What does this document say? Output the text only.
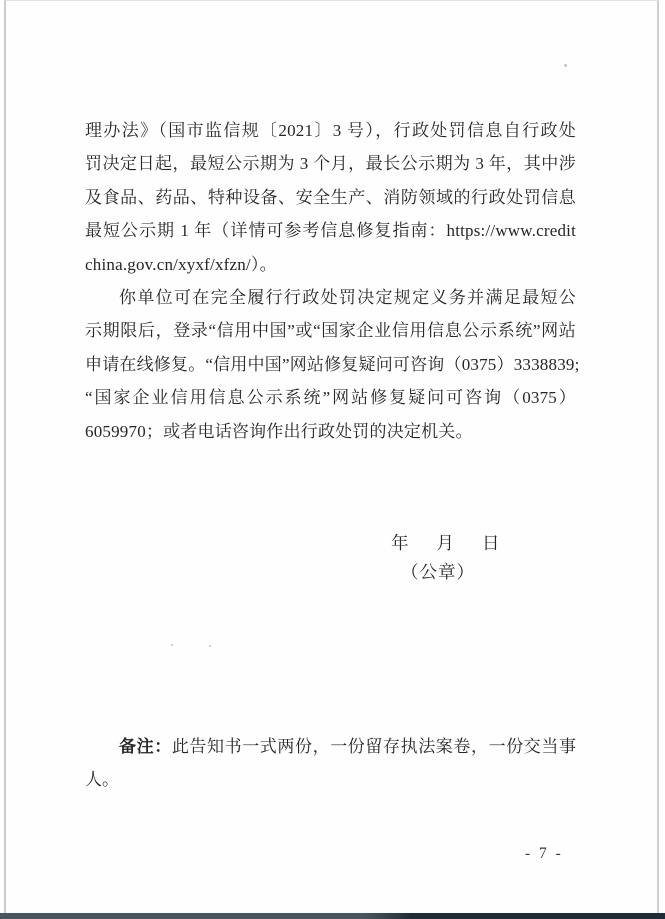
理办法》（国市监信规〔2021〕3 号），行政处罚信息自行政处
罚决定日起，最短公示期为 3 个月，最长公示期为 3 年，其中涉
及食品、药品、特种设备、安全生产、消防领域的行政处罚信息
最短公示期 1 年（详情可参考信息修复指南：https://www.credit
china.gov.cn/xyxf/xfzn/）。
你单位可在完全履行行政处罚决定规定义务并满足最短公
示期限后，登录“信用中国”或“国家企业信用信息公示系统”网站
申请在线修复。“信用中国”网站修复疑问可咨询（0375）3338839;
“国家企业信用信息公示系统”网站修复疑问可咨询（0375）
6059970；或者电话咨询作出行政处罚的决定机关。
年 月 日
（公章）
备注：此告知书一式两份，一份留存执法案卷，一份交当事
人。
- 7 -
